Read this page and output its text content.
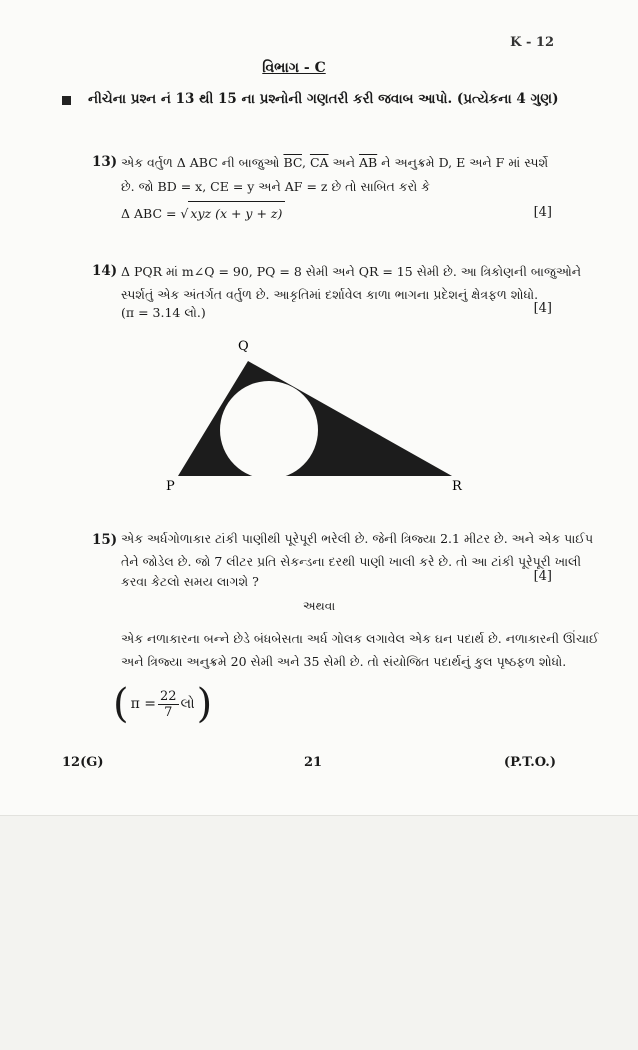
K - 12
વિભાગ - C
નીચેના પ્રશ્ન નં 13 થી 15 ના પ્રશ્નોની ગણતરી કરી જવાબ આપો. (પ્રત્યેકના 4 ગુણ)
13) એક વર્તુળ Δ ABC ની બાજુઓ $\overline{BC}$, $\overline{CA}$ અને $\overline{AB}$ ને અનુક્રમે D, E અને F માં સ્પર્શે
છે. જો BD = x, CE = y અને AF = z છે તો સાબિત કરો કે
Δ ABC = √ xyz (x + y + z)	[4]
14) Δ PQR માં m∠Q = 90, PQ = 8 સેમી અને QR = 15 સેમી છે. આ ત્રિકોણની બાજુઓને
સ્પર્શતું એક અંતર્ગત વર્તુળ છે. આકૃતિમાં દર્શાવેલ કાળા ભાગના પ્રદેશનું ક્ષેત્રફળ શોધો.
(π = 3.14 લો.)	[4]
Q
P	R
15) એક અર્ધગોળાકાર ટાંકી પાણીથી પૂરેપૂરી ભરેલી છે. જેની ત્રિજ્યા 2.1 મીટર છે. અને એક પાઈપ
તેને જોડેલ છે. જો 7 લીટર પ્રતિ સેકન્ડના દરથી પાણી ખાલી કરે છે. તો આ ટાંકી પૂરેપૂરી ખાલી
કરવા કેટલો સમય લાગશે ?	[4]
અથવા
એક નળાકારના બન્ને છેડે બંધબેસતા અર્ધ ગોલક લગાવેલ એક ઘન પદાર્થ છે. નળાકારની ઊંચાઈ
અને ત્રિજ્યા અનુક્રમે 20 સેમી અને 35 સેમી છે. તો સંયોજિત પદાર્થનું કુલ પૃષ્ઠફળ શોધો.
( $\pi = \frac{22}{7}$ લો )
12(G)	21	(P.T.O.)
